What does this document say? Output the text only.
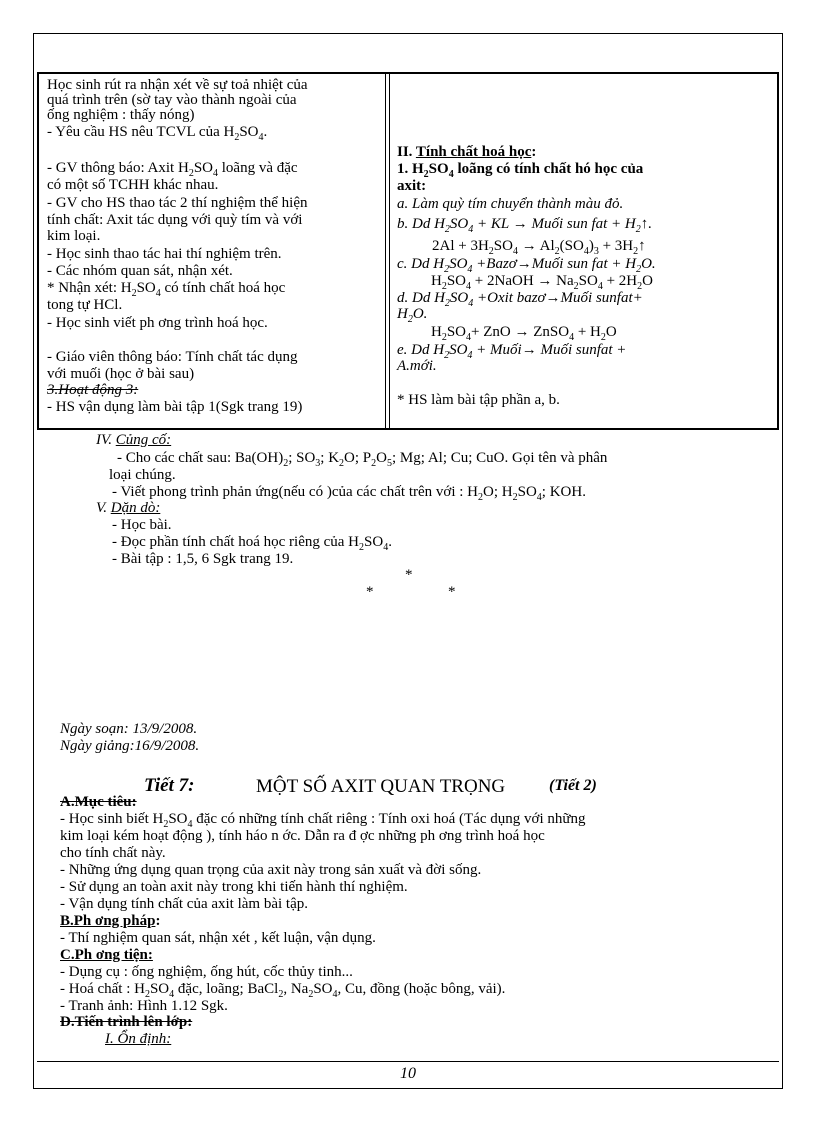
Học sinh rút ra nhận xét về sự toả nhiệt của
quá trình trên (sờ tay vào thành ngoài của
ống nghiệm : thấy nóng)
- Yêu cầu HS nêu TCVL của $H_2SO_4$.
- GV thông báo: Axit $H_2SO_4$ loãng và đặc
có một số TCHH khác nhau.
- GV cho HS thao tác 2 thí nghiệm thể hiện
tính chất: Axit tác dụng với quỳ tím và với
kim loại.
- Học sinh thao tác hai thí nghiệm trên.
- Các nhóm quan sát, nhận xét.
* Nhận xét: $H_2SO_4$ có tính chất hoá học
tong tự HCl.
- Học sinh viết ph ơng trình hoá học.
- Giáo viên thông báo: Tính chất tác dụng
với muối (học ở bài sau)
3.Hoạt động 3:
- HS vận dụng làm bài tập 1(Sgk trang 19)
II. Tính chất hoá học:
1. $H_2SO_4$ loãng có tính chất hó học của
axit:
a. Làm quỳ tím chuyển thành màu đỏ.
b. Dd $H_2SO_4$ + KL → Muối sun fat + $H_2↑$.
$2Al + 3H_2SO_4 \to Al_2(SO_4)_3$ + $3H_2↑$
c. Dd $H_2SO_4$ +Bazơ→Muối sun fat + $H_2O$.
$H_2SO_4$ + 2NaOH → $Na_2SO_4 + 2H_2O$
d. Dd $H_2SO_4$ +Oxit bazơ→Muối sunfat+
$H_2O$.
$H_2SO_4+$ ZnO → ZnSO$_4$ + $H_2O$
e. Dd $H_2SO_4$ + Muối→ Muối sunfat +
A.mới.
* HS làm bài tập phần a, b.
IV. Củng cố:
- Cho các chất sau: $Ba(OH)_2$; $SO_3$; $K_2O$; $P_2O_5$; Mg; Al; Cu; CuO. Gọi tên và phân
loại chúng.
- Viết phong trình phản ứng(nếu có )của các chất trên với : $H_2O$; $H_2SO_4$; KOH.
V. Dặn dò:
- Học bài.
- Đọc phần tính chất hoá học riêng của $H_2SO_4$.
- Bài tập : 1,5, 6 Sgk trang 19.
*
*	*
Ngày soạn: 13/9/2008.
Ngày giảng:16/9/2008.
Tiết 7:	MỘT SỐ AXIT QUAN TRỌNG	(Tiết 2)
A.Mục tiêu:
- Học sinh biết $H_2SO_4$ đặc có những tính chất riêng : Tính oxi hoá (Tác dụng với những
kim loại kém hoạt động ), tính háo n ớc. Dẫn ra đ ợc những ph ơng trình hoá học
cho tính chất này.
- Những ứng dụng quan trọng của axit này trong sản xuất và đời sống.
- Sử dụng an toàn axit này trong khi tiến hành thí nghiệm.
- Vận dụng tính chất của axit làm bài tập.
B.Ph ơng pháp:
- Thí nghiệm quan sát, nhận xét , kết luận, vận dụng.
C.Ph ơng tiện:
- Dụng cụ : ống nghiệm, ống hút, cốc thủy tinh...
- Hoá chất : $H_2SO_4$ đặc, loãng; BaCl$_2$, $Na_2SO_4$, Cu, đồng (hoặc bông, vải).
- Tranh ảnh: Hình 1.12 Sgk.
D.Tiến trình lên lớp:
I. Ổn định:
10
